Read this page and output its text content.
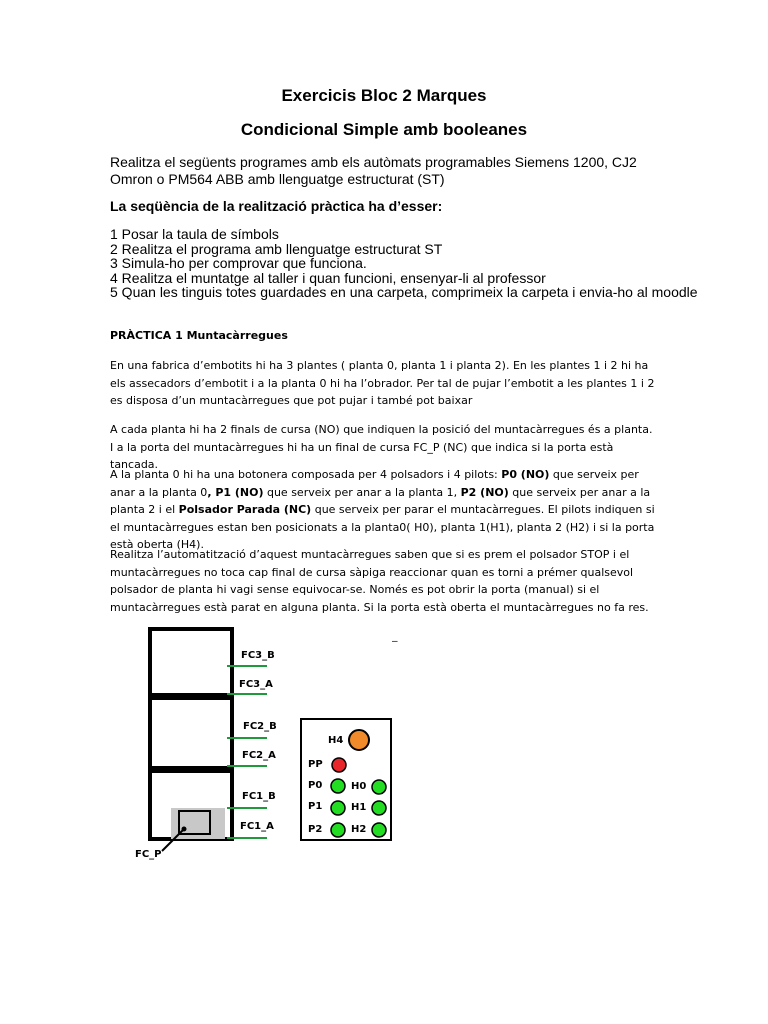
Exercicis Bloc 2 Marques
Condicional Simple amb booleanes
Realitza el següents programes amb els autòmats programables Siemens 1200, CJ2 Omron o PM564 ABB amb llenguatge estructurat (ST)
La seqüència de la realització pràctica ha d’esser:
1 Posar la taula de símbols
2 Realitza el programa amb llenguatge estructurat ST
3 Simula-ho per comprovar que funciona.
4 Realitza el muntatge al taller i quan funcioni, ensenyar-li al professor
5 Quan les tinguis totes guardades en una carpeta, comprimeix la carpeta i envia-ho al moodle
PRÀCTICA 1 Muntacàrregues
En una fabrica d’embotits hi ha 3 plantes ( planta 0, planta 1 i planta 2). En les plantes 1 i 2 hi ha els assecadors d’embotit i a la planta 0 hi ha l’obrador. Per tal de pujar l’embotit a les plantes 1 i 2 es disposa d’un muntacàrregues que pot pujar i també pot baixar
A cada planta hi ha 2 finals de cursa (NO) que indiquen la posició del muntacàrregues és a planta. I a la porta del muntacàrregues hi ha un final de cursa FC_P (NC) que indica si la porta està tancada.
A la planta 0 hi ha una botonera composada per 4 polsadors i 4 pilots: P0 (NO) que serveix per anar a la planta 0, P1 (NO) que serveix per anar a la planta 1, P2 (NO) que serveix per anar a la planta 2 i el Polsador Parada (NC) que serveix per parar el muntacàrregues. El pilots indiquen si el muntacàrregues estan ben posicionats a la planta0( H0), planta 1(H1), planta 2 (H2) i si la porta està oberta (H4).
Realitza l’automatització d’aquest muntacàrregues saben que si es prem el polsador STOP i el muntacàrregues no toca cap final de cursa sàpiga reaccionar quan es torni a prémer qualsevol polsador de planta hi vagi sense equivocar-se. Només es pot obrir la porta (manual) si el muntacàrregues està parat en alguna planta. Si la porta està oberta el muntacàrregues no fa res.
–
FC3_B
FC3_A
FC2_B
FC2_A
FC1_B
FC1_A
FC_P
H4
PP
P0
P1
P2
H0
H1
H2
